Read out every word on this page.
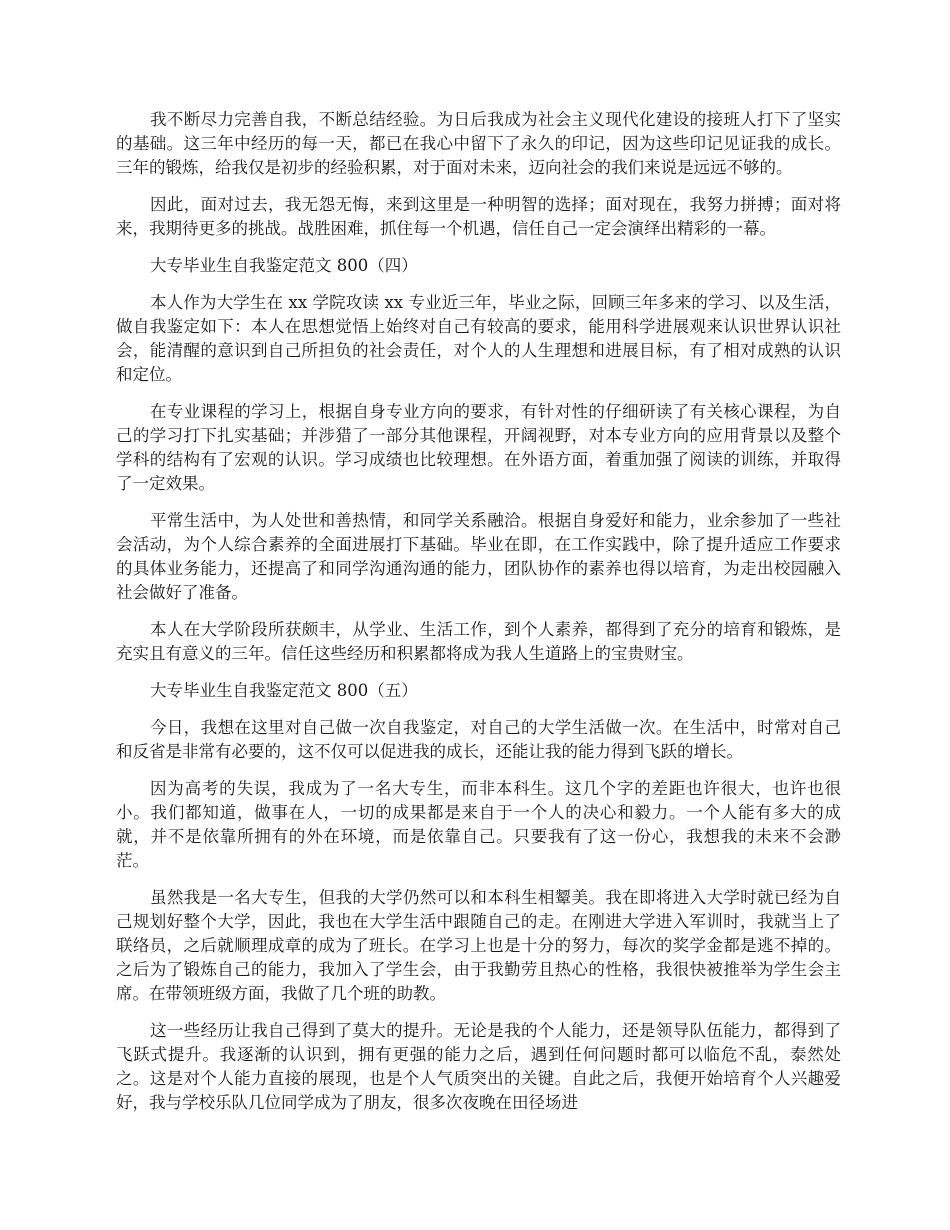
我不断尽力完善自我，不断总结经验。为日后我成为社会主义现代化建设的接班人打下了坚实的基础。这三年中经历的每一天，都已在我心中留下了永久的印记，因为这些印记见证我的成长。三年的锻炼，给我仅是初步的经验积累，对于面对未来，迈向社会的我们来说是远远不够的。

因此，面对过去，我无怨无悔，来到这里是一种明智的选择；面对现在，我努力拼搏；面对将来，我期待更多的挑战。战胜困难，抓住每一个机遇，信任自己一定会演绎出精彩的一幕。

大专毕业生自我鉴定范文 800（四）

本人作为大学生在 xx 学院攻读 xx 专业近三年，毕业之际，回顾三年多来的学习、以及生活，做自我鉴定如下：本人在思想觉悟上始终对自己有较高的要求，能用科学进展观来认识世界认识社会，能清醒的意识到自己所担负的社会责任，对个人的人生理想和进展目标，有了相对成熟的认识和定位。

在专业课程的学习上，根据自身专业方向的要求，有针对性的仔细研读了有关核心课程，为自己的学习打下扎实基础；并涉猎了一部分其他课程，开阔视野，对本专业方向的应用背景以及整个学科的结构有了宏观的认识。学习成绩也比较理想。在外语方面，着重加强了阅读的训练，并取得了一定效果。

平常生活中，为人处世和善热情，和同学关系融洽。根据自身爱好和能力，业余参加了一些社会活动，为个人综合素养的全面进展打下基础。毕业在即，在工作实践中，除了提升适应工作要求的具体业务能力，还提高了和同学沟通沟通的能力，团队协作的素养也得以培育，为走出校园融入社会做好了准备。

本人在大学阶段所获颇丰，从学业、生活工作，到个人素养，都得到了充分的培育和锻炼，是充实且有意义的三年。信任这些经历和积累都将成为我人生道路上的宝贵财宝。

大专毕业生自我鉴定范文 800（五）

今日，我想在这里对自己做一次自我鉴定，对自己的大学生活做一次。在生活中，时常对自己和反省是非常有必要的，这不仅可以促进我的成长，还能让我的能力得到飞跃的增长。

因为高考的失误，我成为了一名大专生，而非本科生。这几个字的差距也许很大，也许也很小。我们都知道，做事在人，一切的成果都是来自于一个人的决心和毅力。一个人能有多大的成就，并不是依靠所拥有的外在环境，而是依靠自己。只要我有了这一份心，我想我的未来不会渺茫。

虽然我是一名大专生，但我的大学仍然可以和本科生相颦美。我在即将进入大学时就已经为自己规划好整个大学，因此，我也在大学生活中跟随自己的走。在刚进大学进入军训时，我就当上了联络员，之后就顺理成章的成为了班长。在学习上也是十分的努力，每次的奖学金都是逃不掉的。之后为了锻炼自己的能力，我加入了学生会，由于我勤劳且热心的性格，我很快被推举为学生会主席。在带领班级方面，我做了几个班的助教。

这一些经历让我自己得到了莫大的提升。无论是我的个人能力，还是领导队伍能力，都得到了飞跃式提升。我逐渐的认识到，拥有更强的能力之后，遇到任何问题时都可以临危不乱，泰然处之。这是对个人能力直接的展现，也是个人气质突出的关键。自此之后，我便开始培育个人兴趣爱好，我与学校乐队几位同学成为了朋友，很多次夜晚在田径场进
